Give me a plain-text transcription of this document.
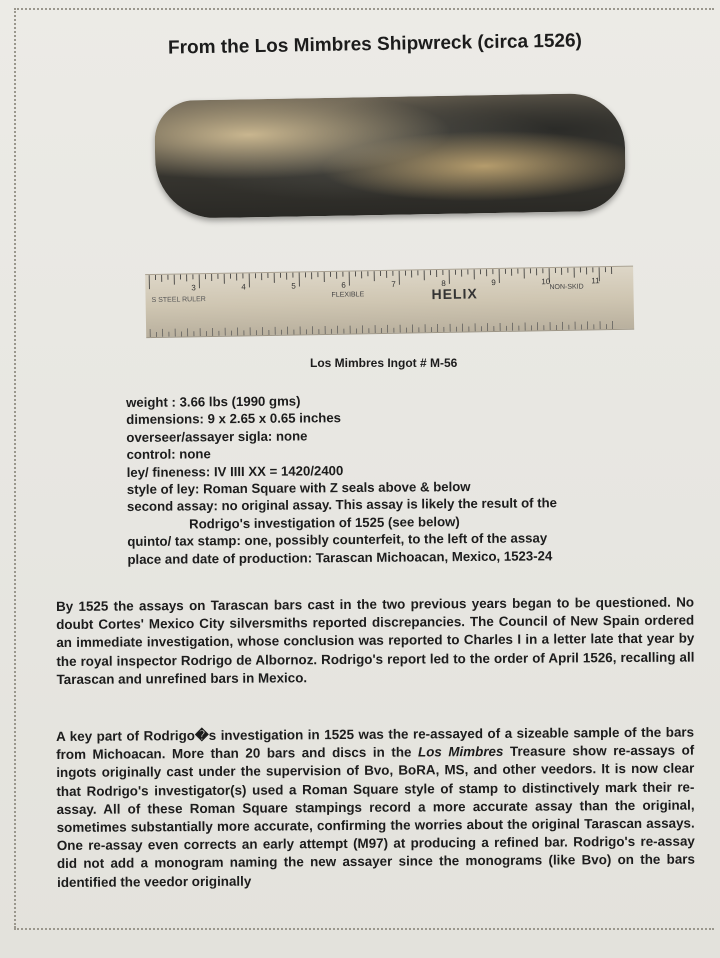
From the Los Mimbres Shipwreck (circa 1526)
3	4	5	6	7	8	9	10	11
S STEEL RULER
FLEXIBLE	HELIX	NON-SKID
Los Mimbres Ingot # M-56
weight : 3.66 lbs (1990 gms)
dimensions: 9 x 2.65 x 0.65 inches
overseer/assayer sigla: none
control: none
ley/ fineness: IV IIII XX = 1420/2400
style of ley: Roman Square with Z seals above & below
second assay: no original assay. This assay is likely the result of the
Rodrigo's investigation of 1525 (see below)
quinto/ tax stamp: one, possibly counterfeit, to the left of the assay
place and date of production: Tarascan Michoacan, Mexico, 1523-24
By 1525 the assays on Tarascan bars cast in the two previous years began to be questioned. No doubt Cortes' Mexico City silversmiths reported discrepancies. The Council of New Spain ordered an immediate investigation, whose conclusion was reported to Charles I in a letter late that year by the royal inspector Rodrigo de Albornoz. Rodrigo's report led to the order of April 1526, recalling all Tarascan and unrefined bars in Mexico.
A key part of Rodrigo�s investigation in 1525 was the re-assayed of a sizeable sample of the bars from Michoacan. More than 20 bars and discs in the Los Mimbres Treasure show re-assays of ingots originally cast under the supervision of Bvo, BoRA, MS, and other veedors. It is now clear that Rodrigo's investigator(s) used a Roman Square style of stamp to distinctively mark their re-assay. All of these Roman Square stampings record a more accurate assay than the original, sometimes substantially more accurate, confirming the worries about the original Tarascan assays. One re-assay even corrects an early attempt (M97) at producing a refined bar. Rodrigo's re-assay did not add a monogram naming the new assayer since the monograms (like Bvo) on the bars identified the veedor originally
